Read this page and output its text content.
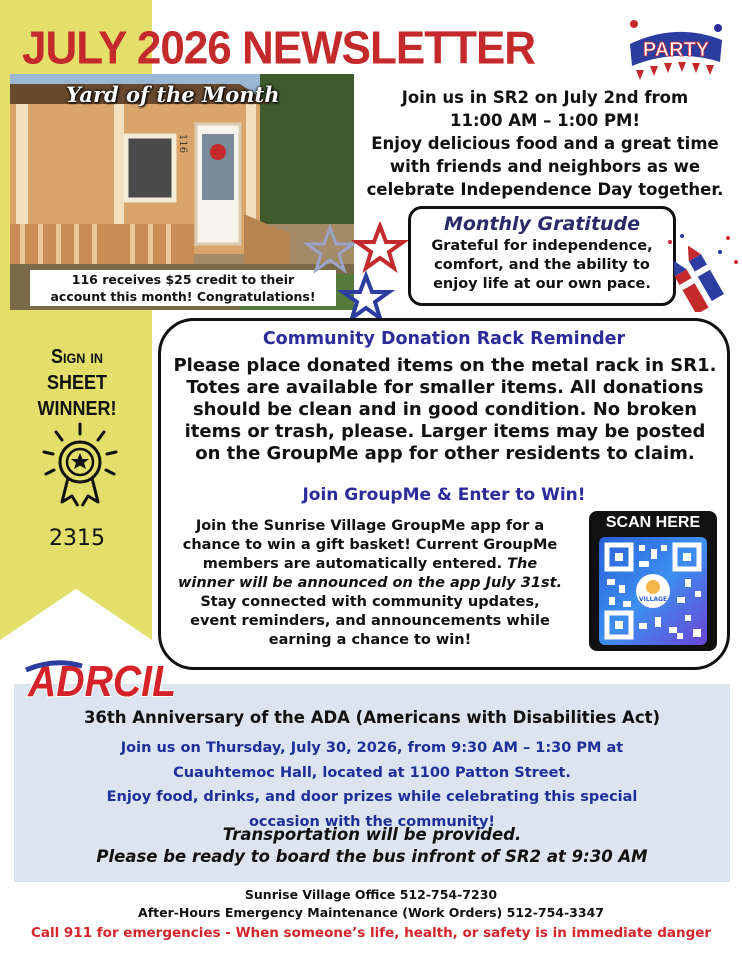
JULY 2026 NEWSLETTER	PARTY
116
Yard of the Month
116 receives $25 credit to their
account this month! Congratulations!
Join us in SR2 on July 2nd from
11:00 AM – 1:00 PM!
Enjoy delicious food and a great time
with friends and neighbors as we
celebrate Independence Day together.
Monthly Gratitude
Grateful for independence,
comfort, and the ability to
enjoy life at our own pace.
Sign in
SHEET
WINNER!
2315
Community Donation Rack Reminder
Please place donated items on the metal rack in SR1.
Totes are available for smaller items. All donations
should be clean and in good condition. No broken
items or trash, please. Larger items may be posted
on the GroupMe app for other residents to claim.
Join GroupMe & Enter to Win!
Join the Sunrise Village GroupMe app for a
chance to win a gift basket! Current GroupMe
members are automatically entered. The
winner will be announced on the app July 31st.
Stay connected with community updates,
event reminders, and announcements while
earning a chance to win!
SCAN HERE
VILLAGE
36th Anniversary of the ADA (Americans with Disabilities Act)
Join us on Thursday, July 30, 2026, from 9:30 AM – 1:30 PM at
Cuauhtemoc Hall, located at 1100 Patton Street.
Enjoy food, drinks, and door prizes while celebrating this special
occasion with the community!
Transportation will be provided.
Please be ready to board the bus infront of SR2 at 9:30 AM
ADRCIL
Sunrise Village Office 512-754-7230
After-Hours Emergency Maintenance (Work Orders) 512-754-3347
Call 911 for emergencies - When someone’s life, health, or safety is in immediate danger
